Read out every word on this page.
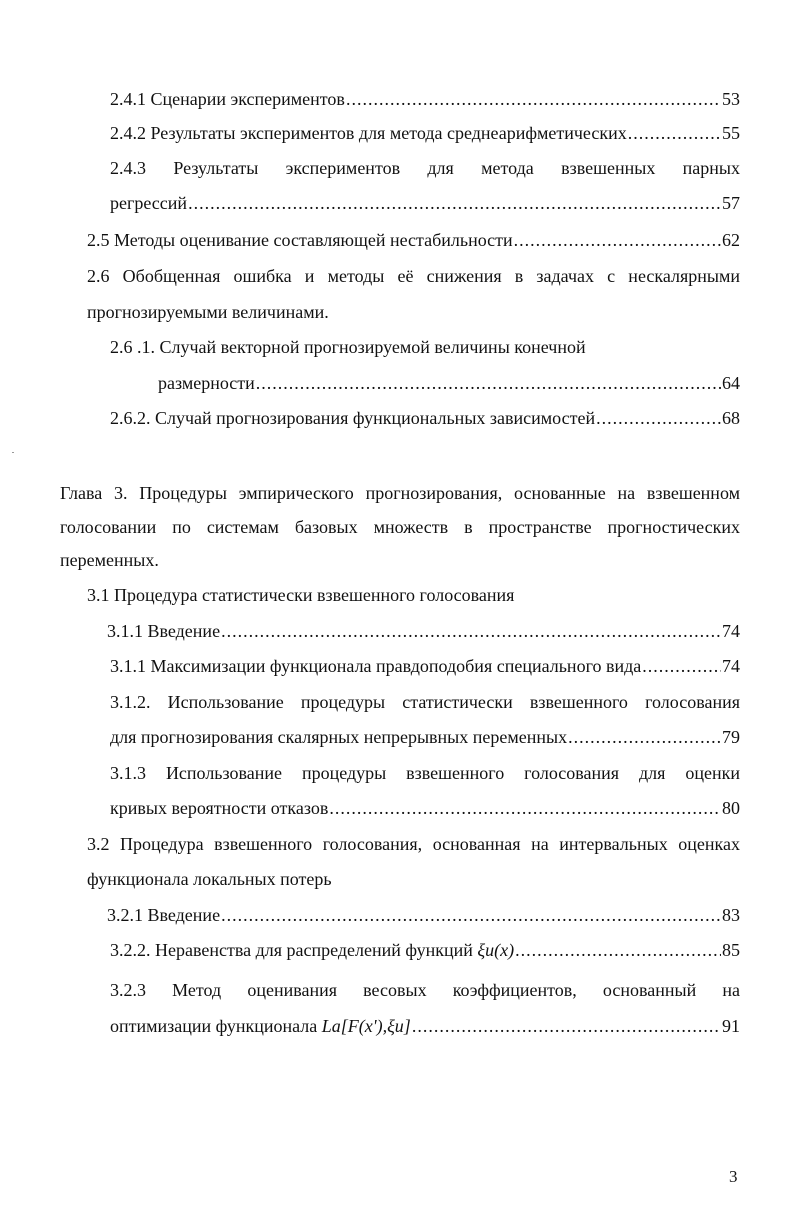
2.4.1 Сценарии экспериментов .....	53
2.4.2 Результаты экспериментов для метода среднеарифметических .....	55
2.4.3 Результаты экспериментов для метода взвешенных парных
регрессий .....	57
2.5 Методы оценивание составляющей нестабильности .....	62
2.6 Обобщенная ошибка и методы её снижения в задачах с нескалярными
прогнозируемыми величинами.
2.6 .1. Случай векторной прогнозируемой величины конечной
размерности .....	64
2.6.2. Случай прогнозирования функциональных зависимостей .....	68
Глава 3. Процедуры эмпирического прогнозирования, основанные на взвешенном
голосовании по системам базовых множеств в пространстве прогностических
переменных.
3.1 Процедура статистически взвешенного голосования
3.1.1 Введение .....	74
3.1.1 Максимизации функционала правдоподобия специального вида .....	74
3.1.2. Использование процедуры статистически взвешенного голосования
для прогнозирования скалярных непрерывных переменных .....	79
3.1.3 Использование процедуры взвешенного голосования для оценки
кривых вероятности отказов .....	80
3.2 Процедура взвешенного голосования, основанная на интервальных оценках
функционала локальных потерь
3.2.1 Введение .....	83
3.2.2. Неравенства для распределений функций ξu(x) .....	85
3.2.3 Метод оценивания весовых коэффициентов, основанный на
оптимизации функционала La[F(x'),ξu] .....	91
3
